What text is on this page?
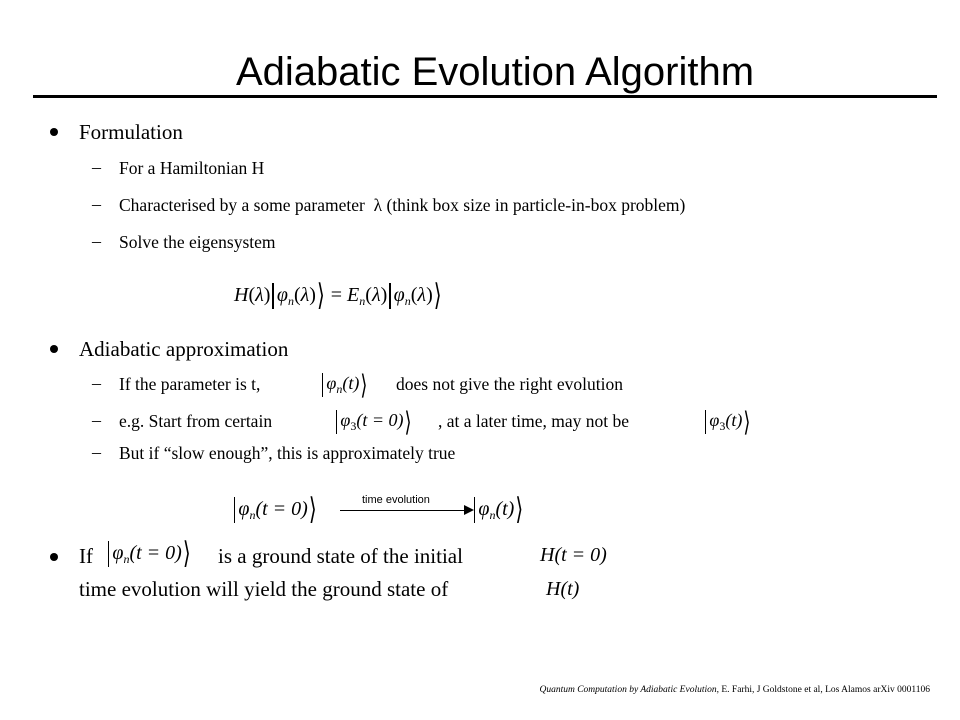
Adiabatic Evolution Algorithm
Formulation
– For a Hamiltonian H
– Characterised by a some parameter  λ (think box size in particle-in-box problem)
– Solve the eigensystem
H(λ) $\varphi_n(\lambda)⟩ = E_n(\lambda)$ $\varphi_n(\lambda)⟩$
Adiabatic approximation
– If the parameter is t,	$\varphi_n(t)⟩$ does not give the right evolution
– e.g. Start from certain	$\varphi_3(t$ = 0)⟩ , at a later time, may not be	$\varphi_3(t)⟩$
– But if “slow enough”, this is approximately true
$\varphi_n(t$ = 0)⟩	time evolution	$\varphi_n(t)⟩$
If $\varphi_n(t$ = 0)⟩ is a ground state of the initial	H(t = 0)
time evolution will yield the ground state of	H(t)
Quantum Computation by Adiabatic Evolution, E. Farhi, J Goldstone et al, Los Alamos arXiv 0001106
